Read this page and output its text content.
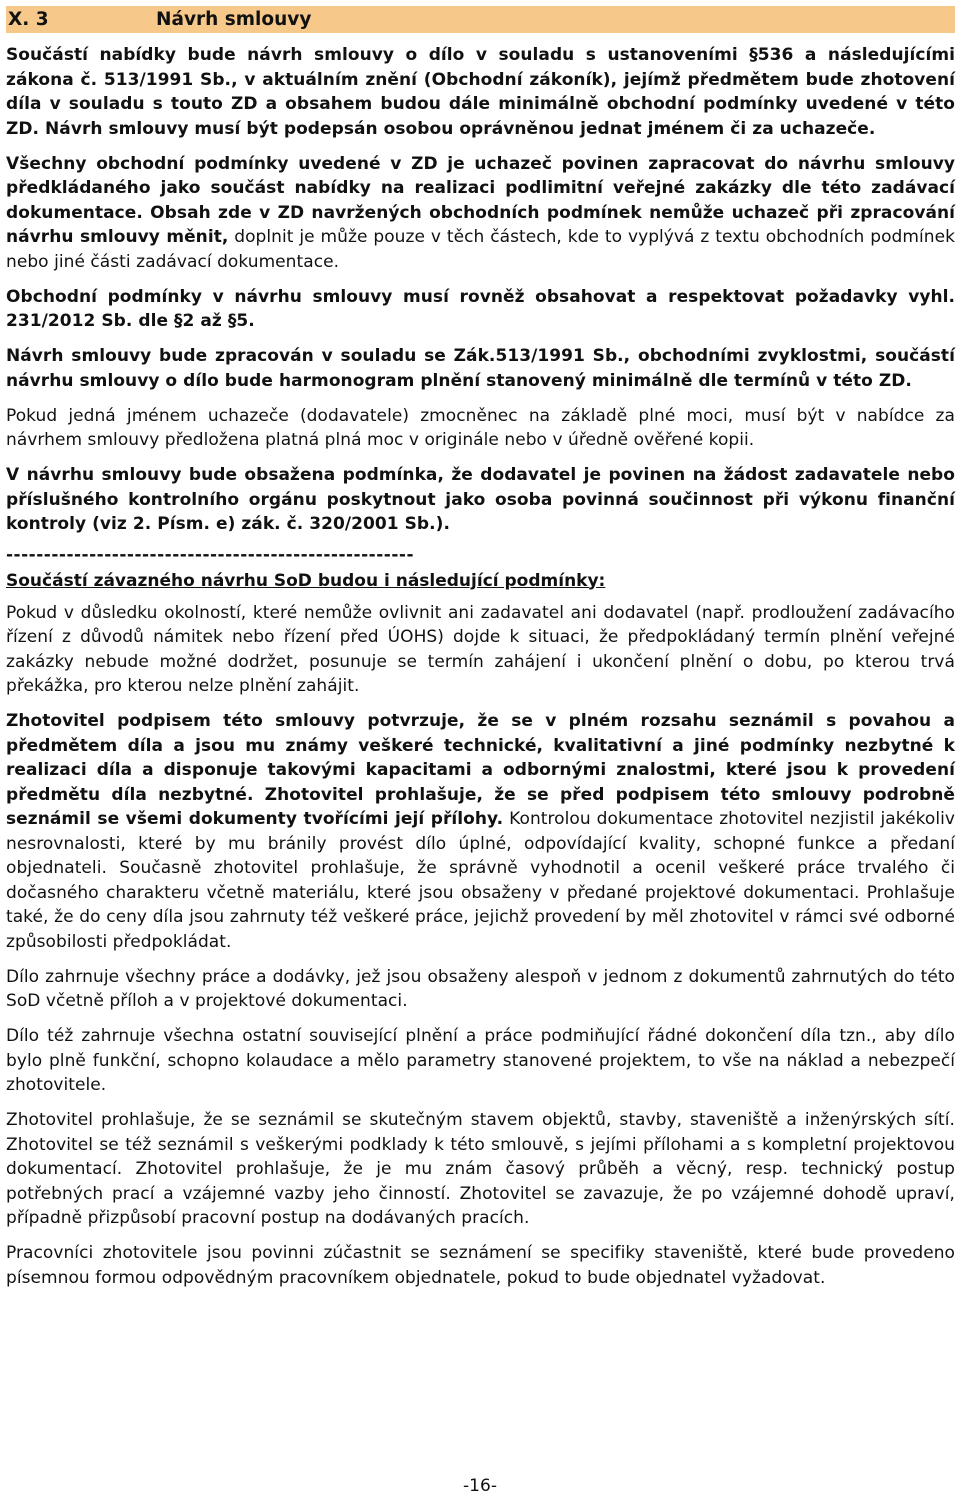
X. 3	Návrh smlouvy

Součástí nabídky bude návrh smlouvy o dílo v souladu s ustanoveními §536 a následujícími zákona č. 513/1991 Sb., v aktuálním znění (Obchodní zákoník), jejímž předmětem bude zhotovení díla v souladu s touto ZD a obsahem budou dále minimálně obchodní podmínky uvedené v této ZD. Návrh smlouvy musí být podepsán osobou oprávněnou jednat jménem či za uchazeče.

Všechny obchodní podmínky uvedené v ZD je uchazeč povinen zapracovat do návrhu smlouvy předkládaného jako součást nabídky na realizaci podlimitní veřejné zakázky dle této zadávací dokumentace. Obsah zde v ZD navržených obchodních podmínek nemůže uchazeč při zpracování návrhu smlouvy měnit, doplnit je může pouze v těch částech, kde to vyplývá z textu obchodních podmínek nebo jiné části zadávací dokumentace.

Obchodní podmínky v návrhu smlouvy musí rovněž obsahovat a respektovat požadavky vyhl. 231/2012 Sb. dle §2 až §5.

Návrh smlouvy bude zpracován v souladu se Zák.513/1991 Sb., obchodními zvyklostmi, součástí návrhu smlouvy o dílo bude harmonogram plnění stanovený minimálně dle termínů v této ZD.

Pokud jedná jménem uchazeče (dodavatele) zmocněnec na základě plné moci, musí být v nabídce za návrhem smlouvy předložena platná plná moc v originále nebo v úředně ověřené kopii.

V návrhu smlouvy bude obsažena podmínka, že dodavatel je povinen na žádost zadavatele nebo příslušného kontrolního orgánu poskytnout jako osoba povinná součinnost při výkonu finanční kontroly (viz 2. Písm. e) zák. č. 320/2001 Sb.).

------------------------------------------------------
Součástí závazného návrhu SoD budou i následující podmínky:

Pokud v důsledku okolností, které nemůže ovlivnit ani zadavatel ani dodavatel (např. prodloužení zadávacího řízení z důvodů námitek nebo řízení před ÚOHS) dojde k situaci, že předpokládaný termín plnění veřejné zakázky nebude možné dodržet, posunuje se termín zahájení i ukončení plnění o dobu, po kterou trvá překážka, pro kterou nelze plnění zahájit.

Zhotovitel podpisem této smlouvy potvrzuje, že se v plném rozsahu seznámil s povahou a předmětem díla a jsou mu známy veškeré technické, kvalitativní a jiné podmínky nezbytné k realizaci díla a disponuje takovými kapacitami a odbornými znalostmi, které jsou k provedení předmětu díla nezbytné. Zhotovitel prohlašuje, že se před podpisem této smlouvy podrobně seznámil se všemi dokumenty tvořícími její přílohy. Kontrolou dokumentace zhotovitel nezjistil jakékoliv nesrovnalosti, které by mu bránily provést dílo úplné, odpovídající kvality, schopné funkce a předaní objednateli. Současně zhotovitel prohlašuje, že správně vyhodnotil a ocenil veškeré práce trvalého či dočasného charakteru včetně materiálu, které jsou obsaženy v předané projektové dokumentaci. Prohlašuje také, že do ceny díla jsou zahrnuty též veškeré práce, jejichž provedení by měl zhotovitel v rámci své odborné způsobilosti předpokládat.

Dílo zahrnuje všechny práce a dodávky, jež jsou obsaženy alespoň v jednom z dokumentů zahrnutých do této SoD včetně příloh a v projektové dokumentaci.

Dílo též zahrnuje všechna ostatní související plnění a práce podmiňující řádné dokončení díla tzn., aby dílo bylo plně funkční, schopno kolaudace a mělo parametry stanovené projektem, to vše na náklad a nebezpečí zhotovitele.

Zhotovitel prohlašuje, že se seznámil se skutečným stavem objektů, stavby, staveniště a inženýrských sítí. Zhotovitel se též seznámil s veškerými podklady k této smlouvě, s jejími přílohami a s kompletní projektovou dokumentací. Zhotovitel prohlašuje, že je mu znám časový průběh a věcný, resp. technický postup potřebných prací a vzájemné vazby jeho činností. Zhotovitel se zavazuje, že po vzájemné dohodě upraví, případně přizpůsobí pracovní postup na dodávaných pracích.

Pracovníci zhotovitele jsou povinni zúčastnit se seznámení se specifiky staveniště, které bude provedeno písemnou formou odpovědným pracovníkem objednatele, pokud to bude objednatel vyžadovat.

-16-
